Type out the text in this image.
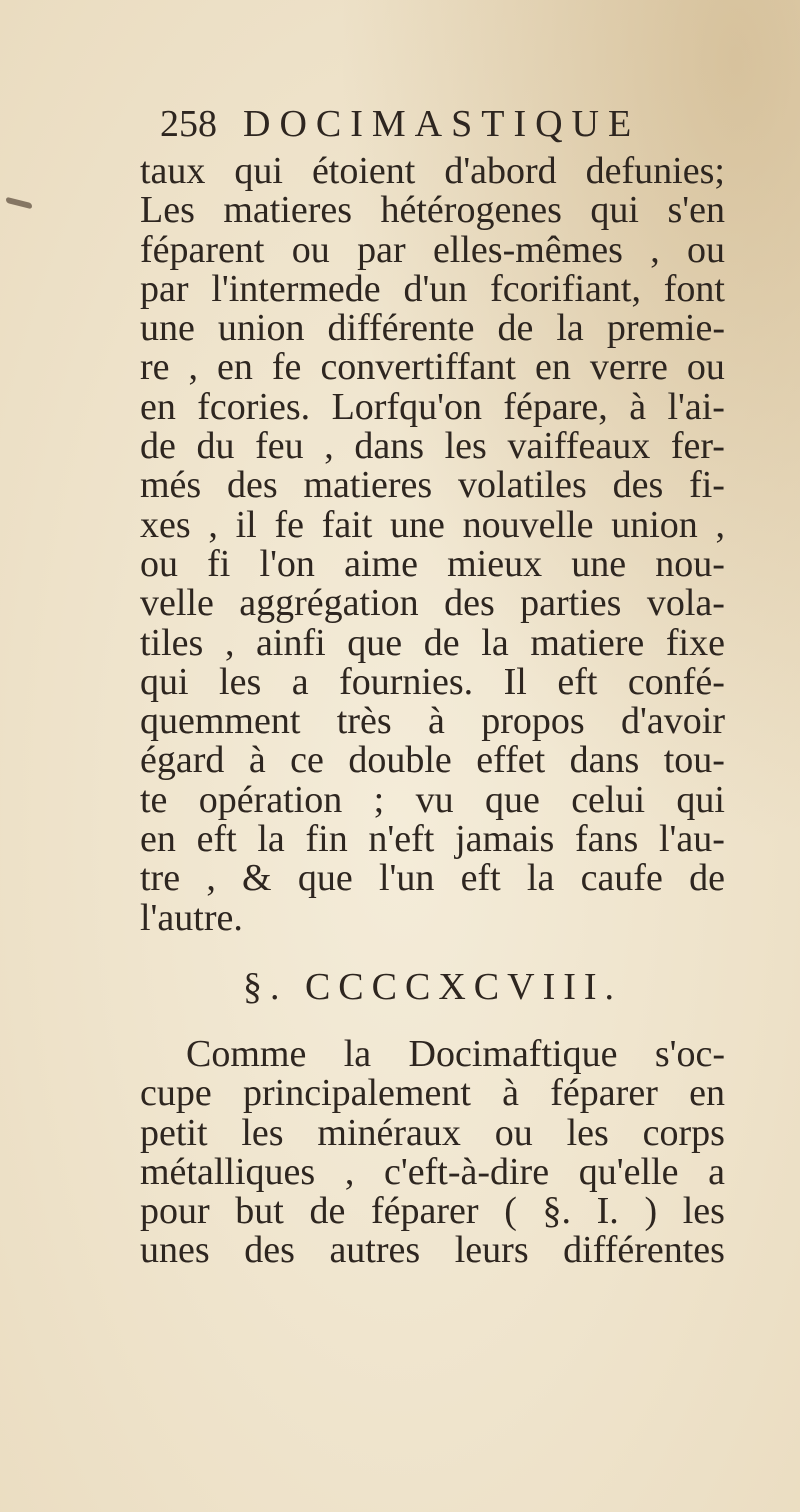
258 DOCIMASTIQUE
taux qui étoient d'abord defunies;
Les matieres hétérogenes qui s'en
féparent ou par elles-mêmes , ou
par l'intermede d'un fcorifiant, font
une union différente de la premie-
re , en fe convertiffant en verre ou
en fcories. Lorfqu'on fépare, à l'ai-
de du feu , dans les vaiffeaux fer-
més des matieres volatiles des fi-
xes , il fe fait une nouvelle union ,
ou fi l'on aime mieux une nou-
velle aggrégation des parties vola-
tiles , ainfi que de la matiere fixe
qui les a fournies. Il eft confé-
quemment très à propos d'avoir
égard à ce double effet dans tou-
te opération ; vu que celui qui
en eft la fin n'eft jamais fans l'au-
tre , & que l'un eft la caufe de
l'autre.
§. CCCCXCVIII.
Comme la Docimaftique s'oc-
cupe principalement à féparer en
petit les minéraux ou les corps
métalliques , c'eft-à-dire qu'elle a
pour but de féparer ( §. I. ) les
unes des autres leurs différentes
